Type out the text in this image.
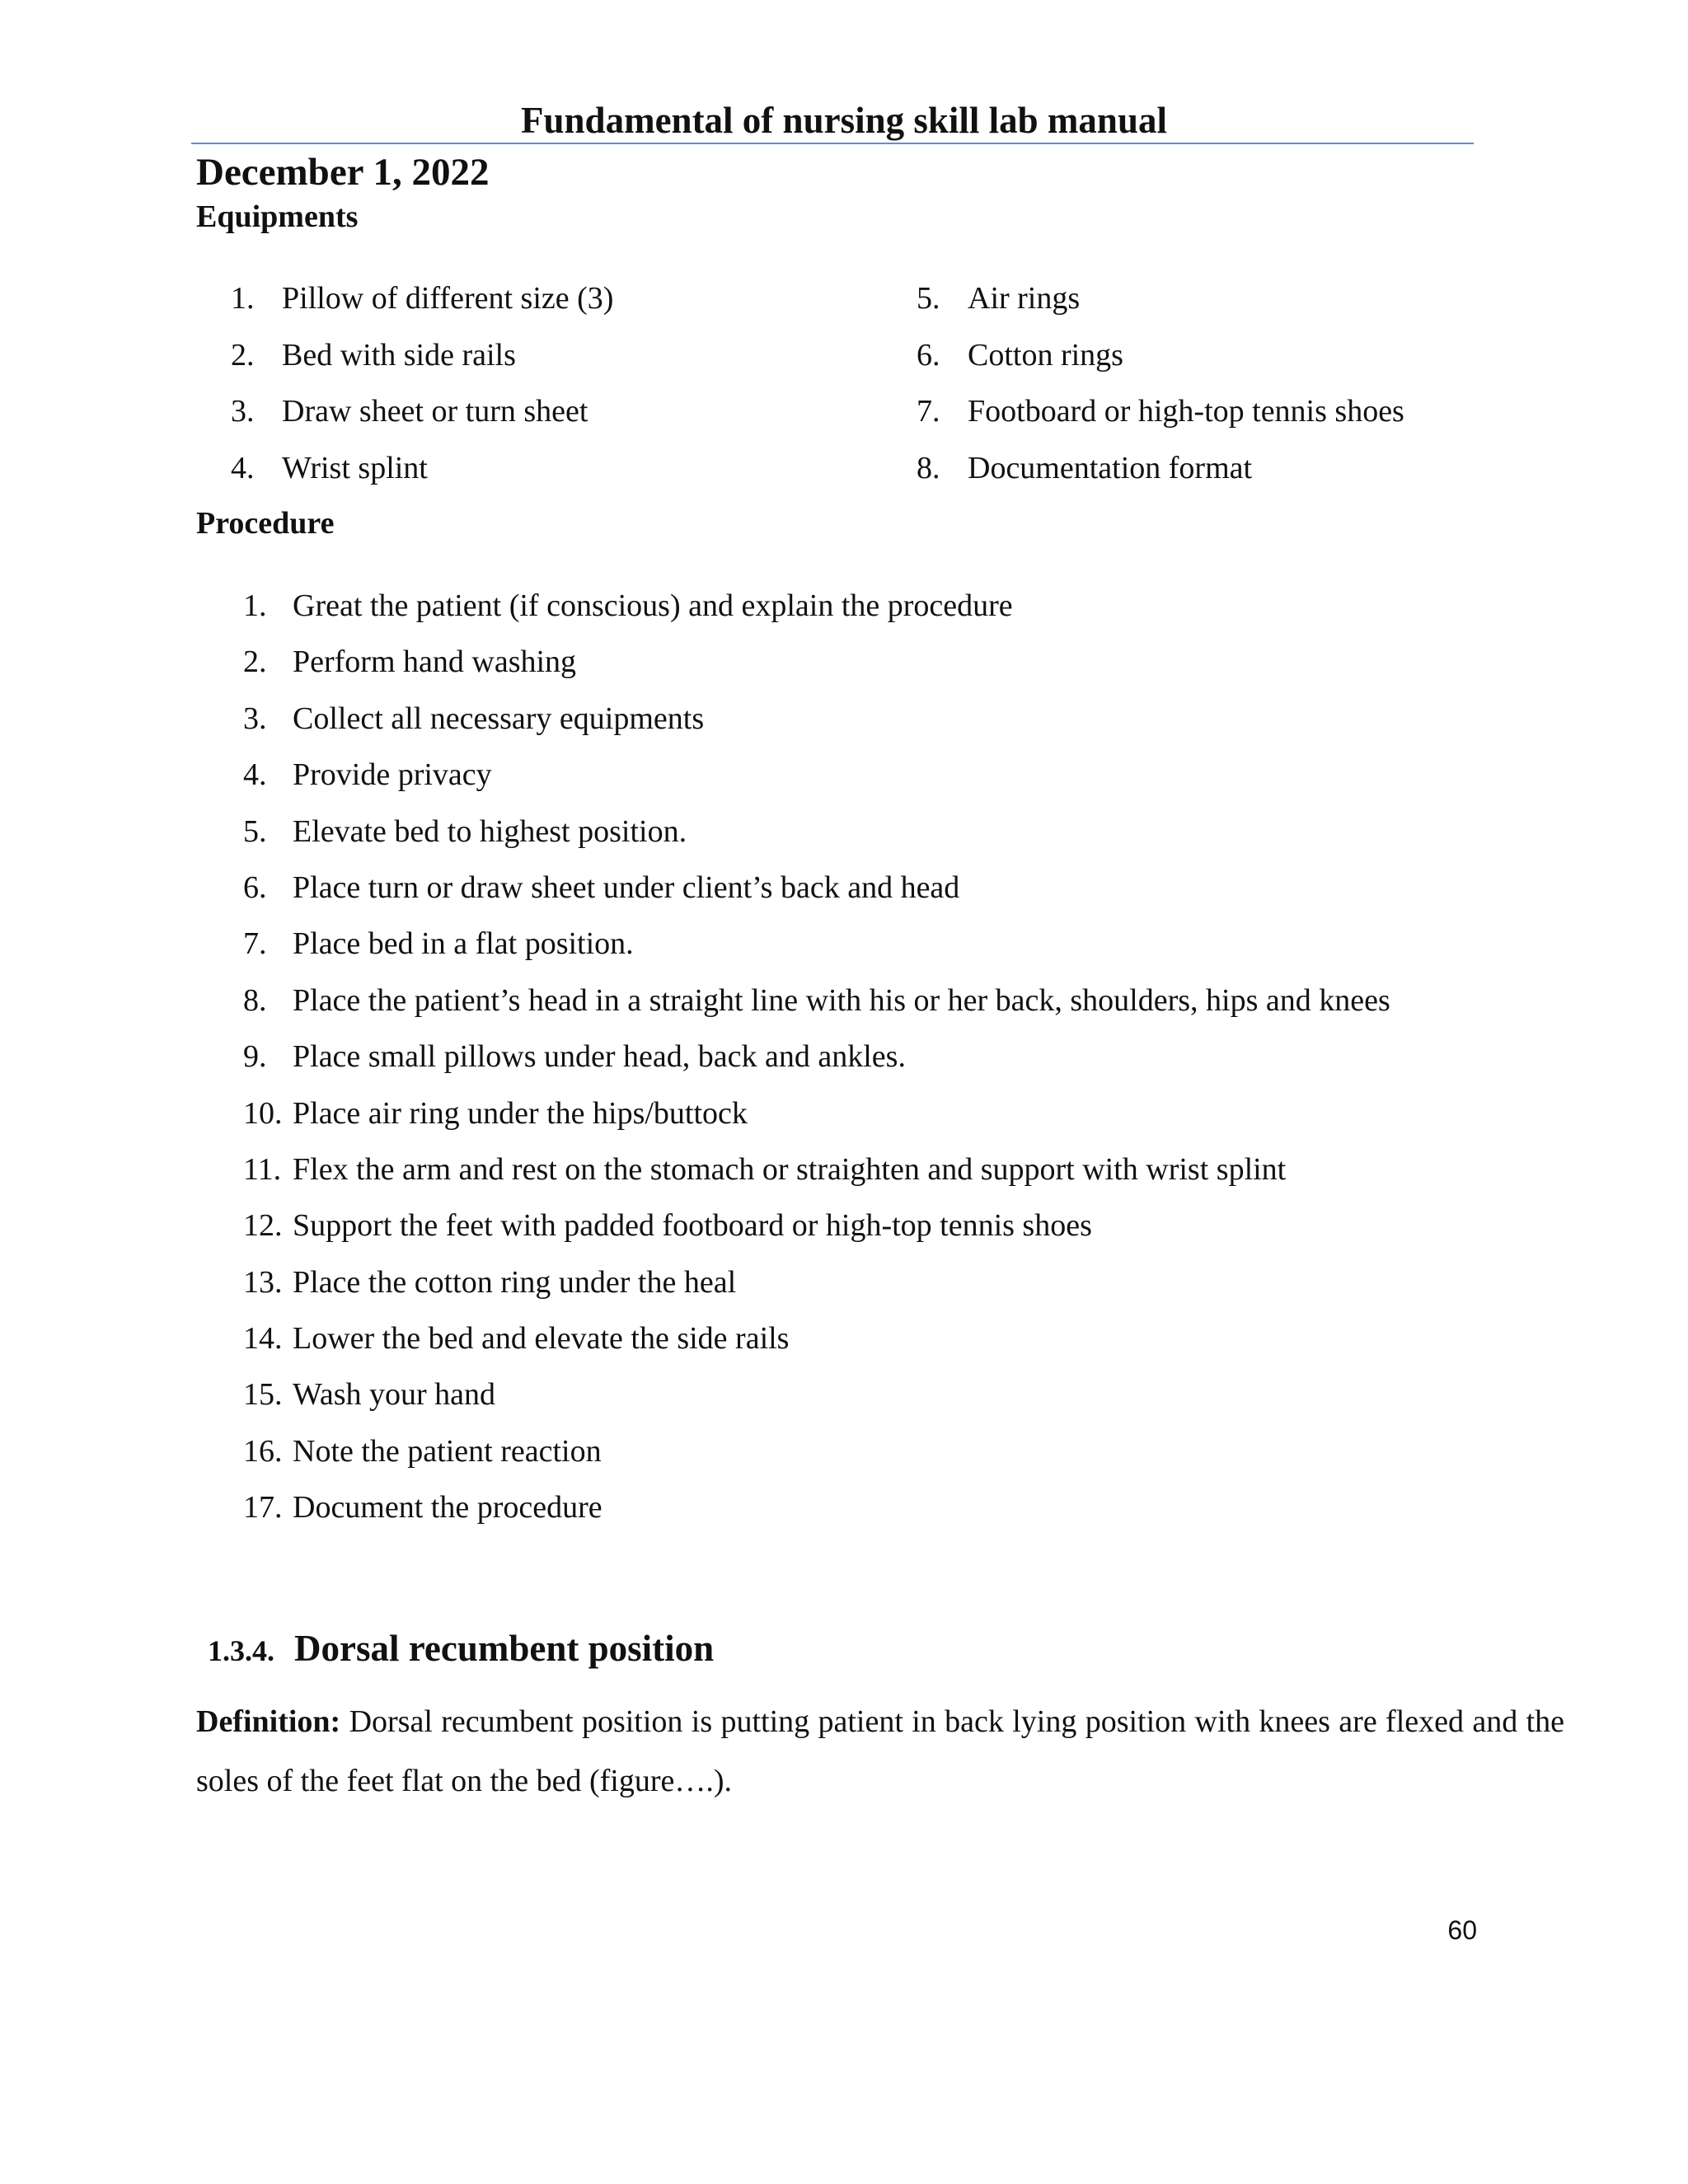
Fundamental of nursing skill lab manual
December 1, 2022
Equipments
1. Pillow of different size (3)
2. Bed with side rails
3. Draw sheet or turn sheet
4. Wrist splint
5. Air rings
6. Cotton rings
7. Footboard or high-top tennis shoes
8. Documentation format
Procedure
1. Great the patient (if conscious) and explain the procedure
2. Perform hand washing
3. Collect all necessary equipments
4. Provide privacy
5. Elevate bed to highest position.
6. Place turn or draw sheet under client’s back and head
7. Place bed in a flat position.
8. Place the patient’s head in a straight line with his or her back, shoulders, hips and knees
9. Place small pillows under head, back and ankles.
10. Place air ring under the hips/buttock
11. Flex the arm and rest on the stomach or straighten and support with wrist splint
12. Support the feet with padded footboard or high-top tennis shoes
13. Place the cotton ring under the heal
14. Lower the bed and elevate the side rails
15. Wash your hand
16. Note the patient reaction
17. Document the procedure
1.3.4. Dorsal recumbent position
Definition: Dorsal recumbent position is putting patient in back lying position with knees are flexed and the soles of the feet flat on the bed (figure….).
60
